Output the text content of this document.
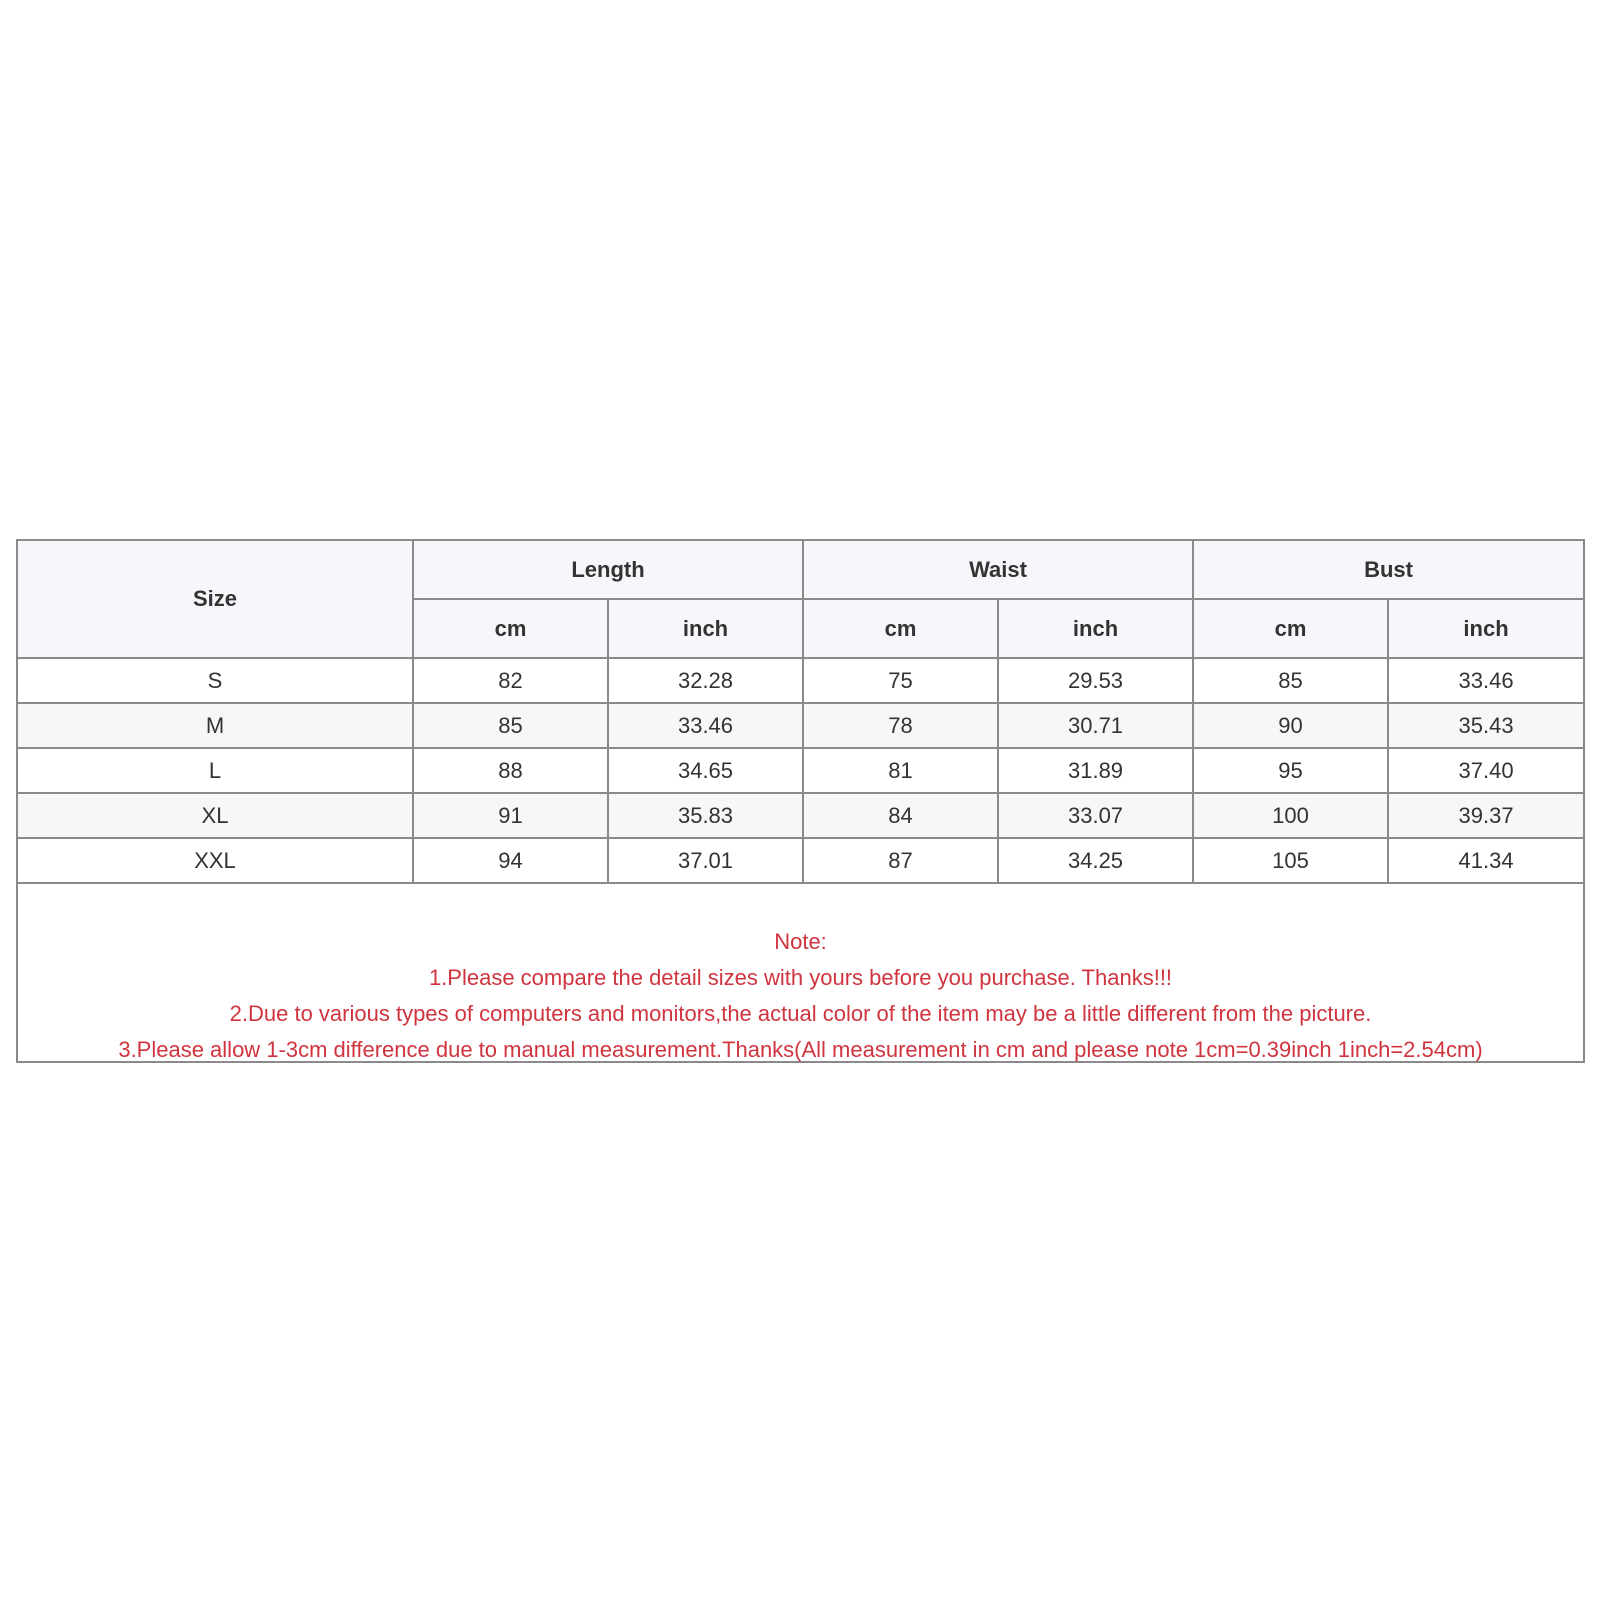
Size	Length		Waist		Bust	
	cm	inch	cm	inch	cm	inch
S	82	32.28	75	29.53	85	33.46
M	85	33.46	78	30.71	90	35.43
L	88	34.65	81	31.89	95	37.40
XL	91	35.83	84	33.07	100	39.37
XXL	94	37.01	87	34.25	105	41.34
Note:
1.Please compare the detail sizes with yours before you purchase. Thanks!!!
2.Due to various types of computers and monitors,the actual color of the item may be a little different from the picture.
3.Please allow 1-3cm difference due to manual measurement.Thanks(All measurement in cm and please note 1cm=0.39inch 1inch=2.54cm)
